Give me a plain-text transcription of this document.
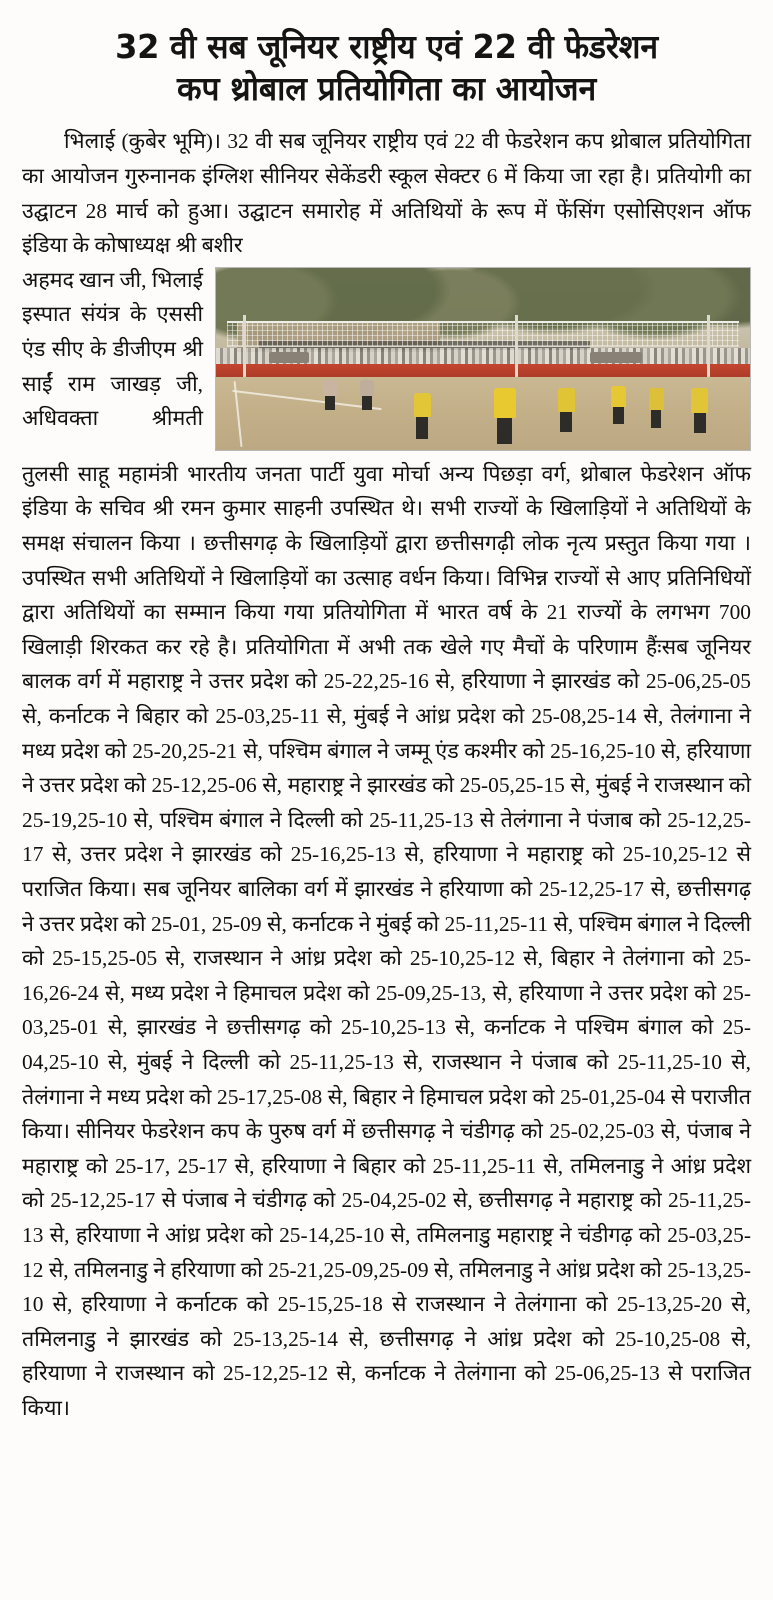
32 वी सब जूनियर राष्ट्रीय एवं 22 वी फेडरेशन
कप थ्रोबाल प्रतियोगिता का आयोजन

भिलाई (कुबेर भूमि)। 32 वी सब जूनियर राष्ट्रीय एवं 22 वी फेडरेशन कप थ्रोबाल प्रतियोगिता का आयोजन गुरुनानक इंग्लिश सीनियर सेकेंडरी स्कूल सेक्टर 6 में किया जा रहा है। प्रतियोगी का उद्घाटन 28 मार्च को हुआ। उद्घाटन समारोह में अतिथियों के रूप में फेंसिंग एसोसिएशन ऑफ इंडिया के कोषाध्यक्ष श्री बशीर

अहमद खान जी, भिलाई इस्पात संयंत्र के एससी एंड सीए के डीजीएम श्री साईं राम जाखड़ जी, अधिवक्ता श्रीमती

तुलसी साहू महामंत्री भारतीय जनता पार्टी युवा मोर्चा अन्य पिछड़ा वर्ग, थ्रोबाल फेडरेशन ऑफ इंडिया के सचिव श्री रमन कुमार साहनी उपस्थित थे। सभी राज्यों के खिलाड़ियों ने अतिथियों के समक्ष संचालन किया । छत्तीसगढ़ के खिलाड़ियों द्वारा छत्तीसगढ़ी लोक नृत्य प्रस्तुत किया गया । उपस्थित सभी अतिथियों ने खिलाड़ियों का उत्साह वर्धन किया। विभिन्न राज्यों से आए प्रतिनिधियों द्वारा अतिथियों का सम्मान किया गया प्रतियोगिता में भारत वर्ष के 21 राज्यों के लगभग 700 खिलाड़ी शिरकत कर रहे है। प्रतियोगिता में अभी तक खेले गए मैचों के परिणाम हैंःसब जूनियर बालक वर्ग में महाराष्ट्र ने उत्तर प्रदेश को 25-22,25-16 से, हरियाणा ने झारखंड को 25-06,25-05 से, कर्नाटक ने बिहार को 25-03,25-11 से, मुंबई ने आंध्र प्रदेश को 25-08,25-14 से, तेलंगाना ने मध्य प्रदेश को 25-20,25-21 से, पश्चिम बंगाल ने जम्मू एंड कश्मीर को 25-16,25-10 से, हरियाणा ने उत्तर प्रदेश को 25-12,25-06 से, महाराष्ट्र ने झारखंड को 25-05,25-15 से, मुंबई ने राजस्थान को 25-19,25-10 से, पश्चिम बंगाल ने दिल्ली को 25-11,25-13 से तेलंगाना ने पंजाब को 25-12,25-17 से, उत्तर प्रदेश ने झारखंड को 25-16,25-13 से, हरियाणा ने महाराष्ट्र को 25-10,25-12 से पराजित किया। सब जूनियर बालिका वर्ग में झारखंड ने हरियाणा को 25-12,25-17 से, छत्तीसगढ़ ने उत्तर प्रदेश को 25-01, 25-09 से, कर्नाटक ने मुंबई को 25-11,25-11 से, पश्चिम बंगाल ने दिल्ली को 25-15,25-05 से, राजस्थान ने आंध्र प्रदेश को 25-10,25-12 से, बिहार ने तेलंगाना को 25-16,26-24 से, मध्य प्रदेश ने हिमाचल प्रदेश को 25-09,25-13, से, हरियाणा ने उत्तर प्रदेश को 25-03,25-01 से, झारखंड ने छत्तीसगढ़ को 25-10,25-13 से, कर्नाटक ने पश्चिम बंगाल को 25-04,25-10 से, मुंबई ने दिल्ली को 25-11,25-13 से, राजस्थान ने पंजाब को 25-11,25-10 से, तेलंगाना ने मध्य प्रदेश को 25-17,25-08 से, बिहार ने हिमाचल प्रदेश को 25-01,25-04 से पराजीत किया। सीनियर फेडरेशन कप के पुरुष वर्ग में छत्तीसगढ़ ने चंडीगढ़ को 25-02,25-03 से, पंजाब ने महाराष्ट्र को 25-17, 25-17 से, हरियाणा ने बिहार को 25-11,25-11 से, तमिलनाडु ने आंध्र प्रदेश को 25-12,25-17 से पंजाब ने चंडीगढ़ को 25-04,25-02 से, छत्तीसगढ़ ने महाराष्ट्र को 25-11,25-13 से, हरियाणा ने आंध्र प्रदेश को 25-14,25-10 से, तमिलनाडु महाराष्ट्र ने चंडीगढ़ को 25-03,25-12 से, तमिलनाडु ने हरियाणा को 25-21,25-09,25-09 से, तमिलनाडु ने आंध्र प्रदेश को 25-13,25-10 से, हरियाणा ने कर्नाटक को 25-15,25-18 से राजस्थान ने तेलंगाना को 25-13,25-20 से, तमिलनाडु ने झारखंड को 25-13,25-14 से, छत्तीसगढ़ ने आंध्र प्रदेश को 25-10,25-08 से, हरियाणा ने राजस्थान को 25-12,25-12 से, कर्नाटक ने तेलंगाना को 25-06,25-13 से पराजित किया।
